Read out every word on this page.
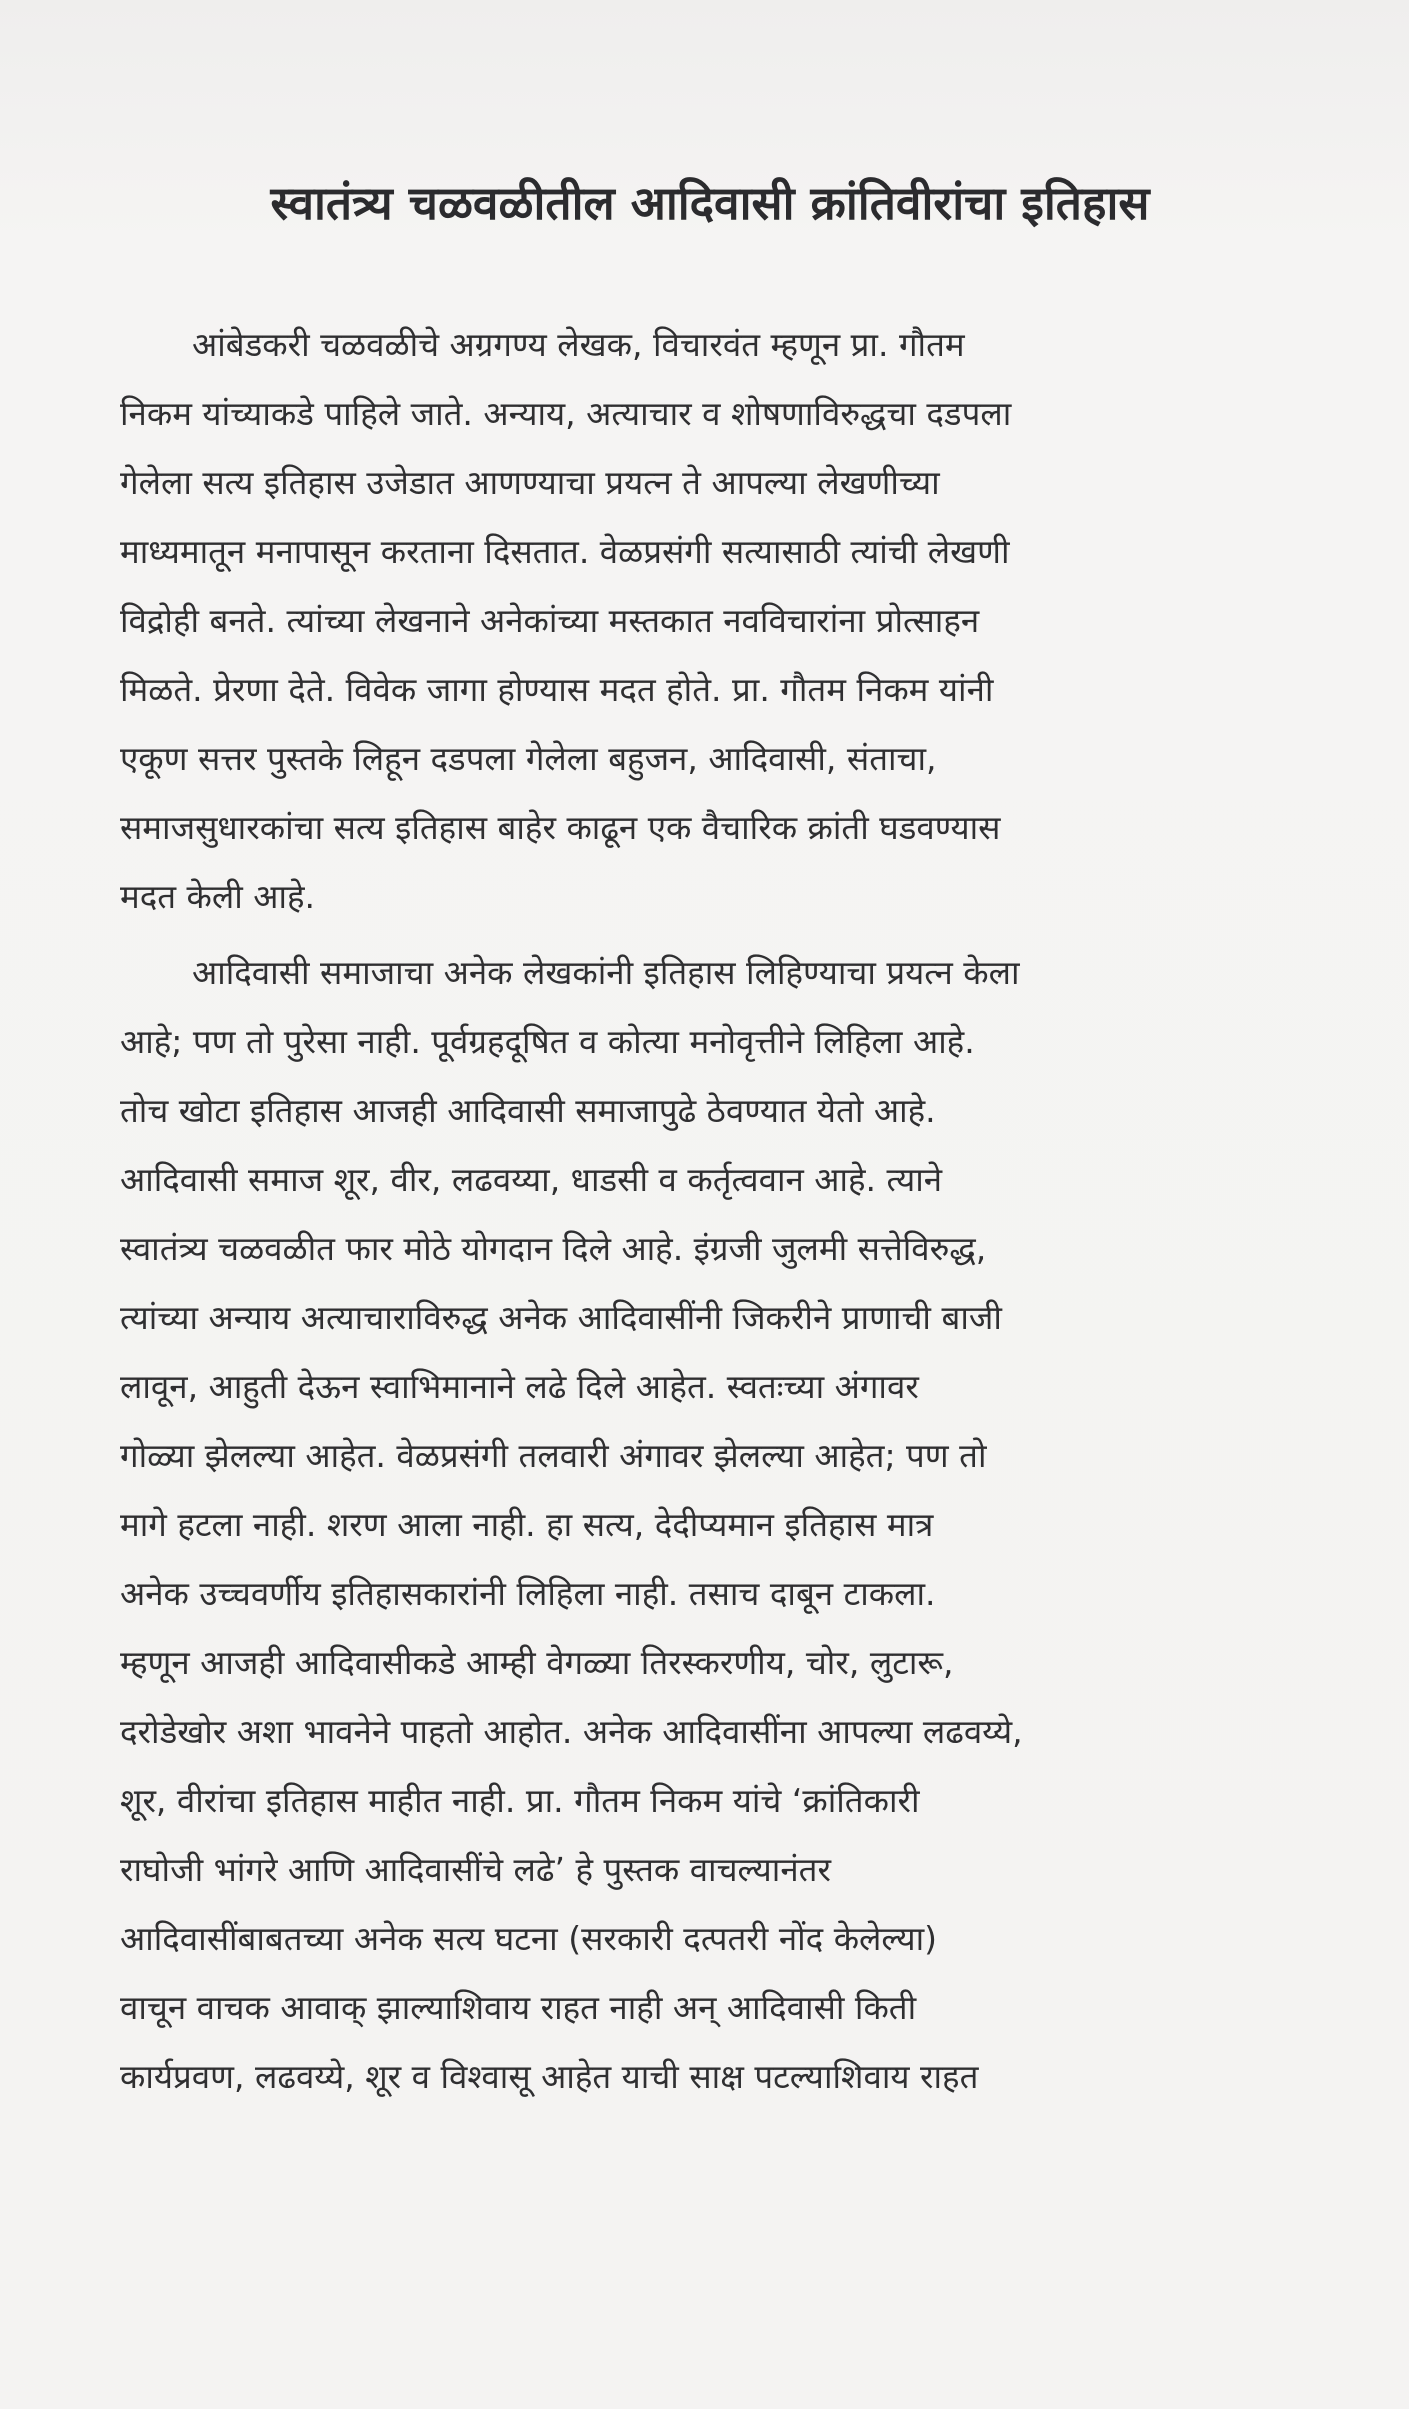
स्वातंत्र्य चळवळीतील आदिवासी क्रांतिवीरांचा इतिहास

आंबेडकरी चळवळीचे अग्रगण्य लेखक, विचारवंत म्हणून प्रा. गौतम
निकम यांच्याकडे पाहिले जाते. अन्याय, अत्याचार व शोषणाविरुद्धचा दडपला
गेलेला सत्य इतिहास उजेडात आणण्याचा प्रयत्न ते आपल्या लेखणीच्या
माध्यमातून मनापासून करताना दिसतात. वेळप्रसंगी सत्यासाठी त्यांची लेखणी
विद्रोही बनते. त्यांच्या लेखनाने अनेकांच्या मस्तकात नवविचारांना प्रोत्साहन
मिळते. प्रेरणा देते. विवेक जागा होण्यास मदत होते. प्रा. गौतम निकम यांनी
एकूण सत्तर पुस्तके लिहून दडपला गेलेला बहुजन, आदिवासी, संताचा,
समाजसुधारकांचा सत्य इतिहास बाहेर काढून एक वैचारिक क्रांती घडवण्यास
मदत केली आहे.

आदिवासी समाजाचा अनेक लेखकांनी इतिहास लिहिण्याचा प्रयत्न केला
आहे; पण तो पुरेसा नाही. पूर्वग्रहदूषित व कोत्या मनोवृत्तीने लिहिला आहे.
तोच खोटा इतिहास आजही आदिवासी समाजापुढे ठेवण्यात येतो आहे.
आदिवासी समाज शूर, वीर, लढवय्या, धाडसी व कर्तृत्ववान आहे. त्याने
स्वातंत्र्य चळवळीत फार मोठे योगदान दिले आहे. इंग्रजी जुलमी सत्तेविरुद्ध,
त्यांच्या अन्याय अत्याचाराविरुद्ध अनेक आदिवासींनी जिकरीने प्राणाची बाजी
लावून, आहुती देऊन स्वाभिमानाने लढे दिले आहेत. स्वतःच्या अंगावर
गोळ्या झेलल्या आहेत. वेळप्रसंगी तलवारी अंगावर झेलल्या आहेत; पण तो
मागे हटला नाही. शरण आला नाही. हा सत्य, देदीप्यमान इतिहास मात्र
अनेक उच्चवर्णीय इतिहासकारांनी लिहिला नाही. तसाच दाबून टाकला.
म्हणून आजही आदिवासीकडे आम्ही वेगळ्या तिरस्करणीय, चोर, लुटारू,
दरोडेखोर अशा भावनेने पाहतो आहोत. अनेक आदिवासींना आपल्या लढवय्ये,
शूर, वीरांचा इतिहास माहीत नाही. प्रा. गौतम निकम यांचे ‘क्रांतिकारी
राघोजी भांगरे आणि आदिवासींचे लढे’ हे पुस्तक वाचल्यानंतर
आदिवासींबाबतच्या अनेक सत्य घटना (सरकारी दत्पतरी नोंद केलेल्या)
वाचून वाचक आवाक् झाल्याशिवाय राहत नाही अन् आदिवासी किती
कार्यप्रवण, लढवय्ये, शूर व विश्वासू आहेत याची साक्ष पटल्याशिवाय राहत
